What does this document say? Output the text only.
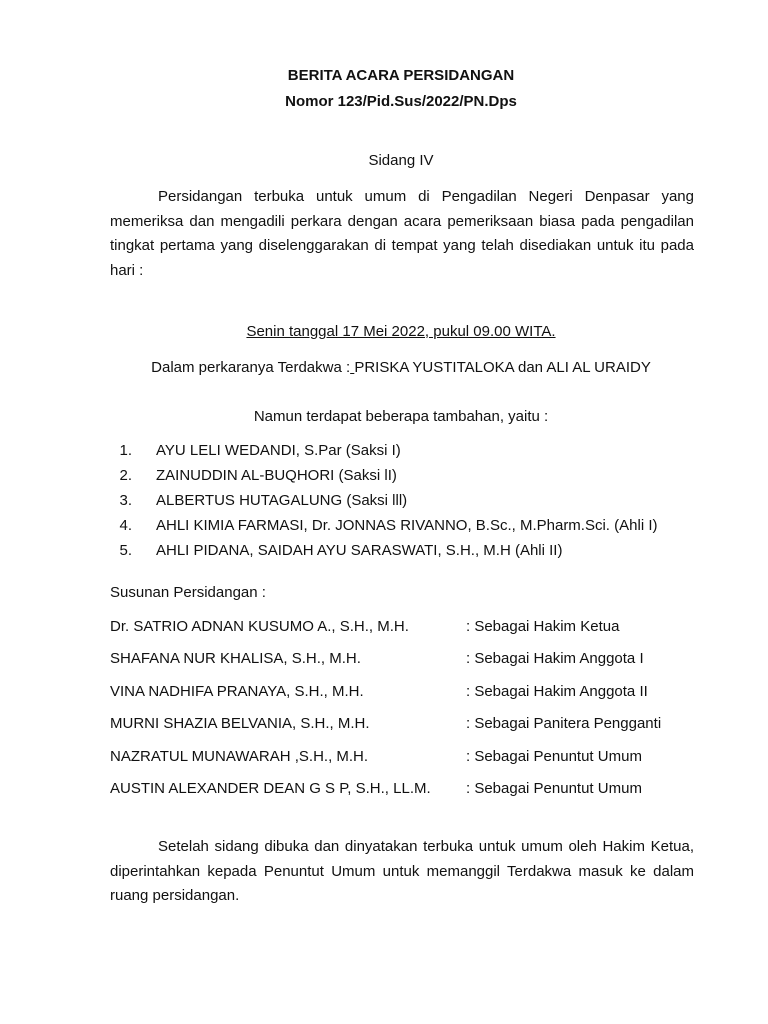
BERITA ACARA PERSIDANGAN
Nomor 123/Pid.Sus/2022/PN.Dps
Sidang IV

Persidangan terbuka untuk umum di Pengadilan Negeri Denpasar yang memeriksa dan mengadili perkara dengan acara pemeriksaan biasa pada pengadilan tingkat pertama yang diselenggarakan di tempat yang telah disediakan untuk itu pada hari :

Senin tanggal 17 Mei 2022, pukul 09.00 WITA.
Dalam perkaranya Terdakwa : PRISKA YUSTITALOKA dan ALI AL URAIDY
Namun terdapat beberapa tambahan, yaitu :
1. AYU LELI WEDANDI, S.Par (Saksi I)
2. ZAINUDDIN AL-BUQHORI (Saksi lI)
3. ALBERTUS HUTAGALUNG (Saksi lll)
4. AHLI KIMIA FARMASI, Dr. JONNAS RIVANNO, B.Sc., M.Pharm.Sci. (Ahli I)
5. AHLI PIDANA, SAIDAH AYU SARASWATI, S.H., M.H (Ahli II)
Susunan Persidangan :
Dr. SATRIO ADNAN KUSUMO A., S.H., M.H.	: Sebagai Hakim Ketua
SHAFANA NUR KHALISA, S.H., M.H.	: Sebagai Hakim Anggota I
VINA NADHIFA PRANAYA, S.H., M.H.	: Sebagai Hakim Anggota II
MURNI SHAZIA BELVANIA, S.H., M.H.	: Sebagai Panitera Pengganti
NAZRATUL MUNAWARAH ,S.H., M.H.	: Sebagai Penuntut Umum
AUSTIN ALEXANDER DEAN G S P, S.H., LL.M. : Sebagai Penuntut Umum

Setelah sidang dibuka dan dinyatakan terbuka untuk umum oleh Hakim Ketua, diperintahkan kepada Penuntut Umum untuk memanggil Terdakwa masuk ke dalam ruang persidangan.
